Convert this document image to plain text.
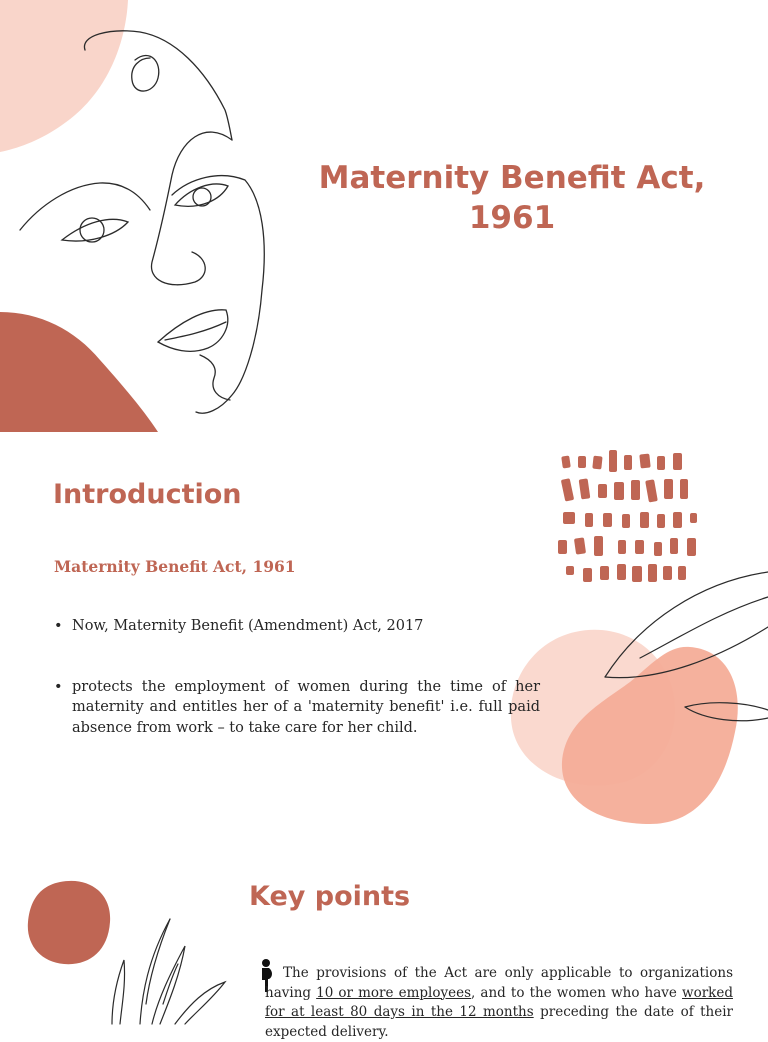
Maternity Benefit Act, 1961
Introduction
Maternity Benefit Act, 1961
• Now, Maternity Benefit (Amendment) Act, 2017
• protects the employment of women during the time of her maternity and entitles her of a 'maternity benefit' i.e. full paid absence from work – to take care for her child.
Key points

The provisions of the Act are only applicable to organizations having 10 or more employees, and to the women who have worked for at least 80 days in the 12 months preceding the date of their expected delivery.
